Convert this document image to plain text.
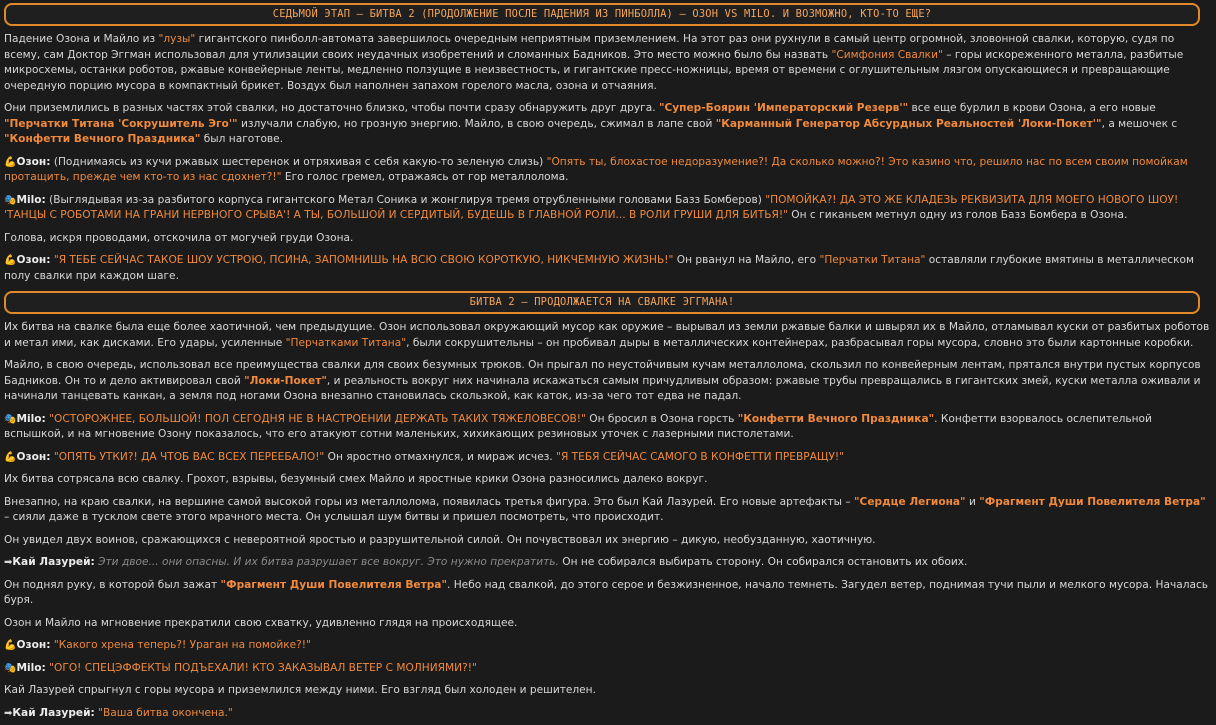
СЕДЬМОЙ ЭТАП – БИТВА 2 (ПРОДОЛЖЕНИЕ ПОСЛЕ ПАДЕНИЯ ИЗ ПИНБОЛЛА) – ОЗОН VS MILO. И ВОЗМОЖНО, КТО-ТО ЕЩЕ?

Падение Озона и Майло из "лузы" гигантского пинболл-автомата завершилось очередным неприятным приземлением. На этот раз они рухнули в самый центр огромной, зловонной свалки, которую, судя по всему, сам Доктор Эггман использовал для утилизации своих неудачных изобретений и сломанных Бадников. Это место можно было бы назвать "Симфония Свалки" – горы искореженного металла, разбитые микросхемы, останки роботов, ржавые конвейерные ленты, медленно ползущие в неизвестность, и гигантские пресс-ножницы, время от времени с оглушительным лязгом опускающиеся и превращающие очередную порцию мусора в компактный брикет. Воздух был наполнен запахом горелого масла, озона и отчаяния.

Они приземлились в разных частях этой свалки, но достаточно близко, чтобы почти сразу обнаружить друг друга. "Супер-Боярин 'Императорский Резерв'" все еще бурлил в крови Озона, а его новые "Перчатки Титана 'Сокрушитель Эго'" излучали слабую, но грозную энергию. Майло, в свою очередь, сжимал в лапе свой "Карманный Генератор Абсурдных Реальностей 'Локи-Покет'", а мешочек с "Конфетти Вечного Праздника" был наготове.

💪Озон: (Поднимаясь из кучи ржавых шестеренок и отряхивая с себя какую-то зеленую слизь) "Опять ты, блохастое недоразумение?! Да сколько можно?! Это казино что, решило нас по всем своим помойкам протащить, прежде чем кто-то из нас сдохнет?!" Его голос гремел, отражаясь от гор металлолома.

🎭Milo: (Выглядывая из-за разбитого корпуса гигантского Метал Соника и жонглируя тремя отрубленными головами Базз Бомберов) "ПОМОЙКА?! ДА ЭТО ЖЕ КЛАДЕЗЬ РЕКВИЗИТА ДЛЯ МОЕГО НОВОГО ШОУ! 'ТАНЦЫ С РОБОТАМИ НА ГРАНИ НЕРВНОГО СРЫВА'! А ТЫ, БОЛЬШОЙ И СЕРДИТЫЙ, БУДЕШЬ В ГЛАВНОЙ РОЛИ... В РОЛИ ГРУШИ ДЛЯ БИТЬЯ!" Он с гиканьем метнул одну из голов Базз Бомбера в Озона.

Голова, искря проводами, отскочила от могучей груди Озона.

💪Озон: "Я ТЕБЕ СЕЙЧАС ТАКОЕ ШОУ УСТРОЮ, ПСИНА, ЗАПОМНИШЬ НА ВСЮ СВОЮ КОРОТКУЮ, НИКЧЕМНУЮ ЖИЗНЬ!" Он рванул на Майло, его "Перчатки Титана" оставляли глубокие вмятины в металлическом полу свалки при каждом шаге.

БИТВА 2 – ПРОДОЛЖАЕТСЯ НА СВАЛКЕ ЭГГМАНА!

Их битва на свалке была еще более хаотичной, чем предыдущие. Озон использовал окружающий мусор как оружие – вырывал из земли ржавые балки и швырял их в Майло, отламывал куски от разбитых роботов и метал ими, как дисками. Его удары, усиленные "Перчатками Титана", были сокрушительны – он пробивал дыры в металлических контейнерах, разбрасывал горы мусора, словно это были картонные коробки.

Майло, в свою очередь, использовал все преимущества свалки для своих безумных трюков. Он прыгал по неустойчивым кучам металлолома, скользил по конвейерным лентам, прятался внутри пустых корпусов Бадников. Он то и дело активировал свой "Локи-Покет", и реальность вокруг них начинала искажаться самым причудливым образом: ржавые трубы превращались в гигантских змей, куски металла оживали и начинали танцевать канкан, а земля под ногами Озона внезапно становилась скользкой, как каток, из-за чего тот едва не падал.

🎭Milo: "ОСТОРОЖНЕЕ, БОЛЬШОЙ! ПОЛ СЕГОДНЯ НЕ В НАСТРОЕНИИ ДЕРЖАТЬ ТАКИХ ТЯЖЕЛОВЕСОВ!" Он бросил в Озона горсть "Конфетти Вечного Праздника". Конфетти взорвалось ослепительной вспышкой, и на мгновение Озону показалось, что его атакуют сотни маленьких, хихикающих резиновых уточек с лазерными пистолетами.

💪Озон: "ОПЯТЬ УТКИ?! ДА ЧТОБ ВАС ВСЕХ ПЕРЕЕБАЛО!" Он яростно отмахнулся, и мираж исчез. "Я ТЕБЯ СЕЙЧАС САМОГО В КОНФЕТТИ ПРЕВРАЩУ!"

Их битва сотрясала всю свалку. Грохот, взрывы, безумный смех Майло и яростные крики Озона разносились далеко вокруг.

Внезапно, на краю свалки, на вершине самой высокой горы из металлолома, появилась третья фигура. Это был Кай Лазурей. Его новые артефакты – "Сердце Легиона" и "Фрагмент Души Повелителя Ветра" – сияли даже в тусклом свете этого мрачного места. Он услышал шум битвы и пришел посмотреть, что происходит.

Он увидел двух воинов, сражающихся с невероятной яростью и разрушительной силой. Он почувствовал их энергию – дикую, необузданную, хаотичную.

➡Кай Лазурей: Эти двое... они опасны. И их битва разрушает все вокруг. Это нужно прекратить. Он не собирался выбирать сторону. Он собирался остановить их обоих.

Он поднял руку, в которой был зажат "Фрагмент Души Повелителя Ветра". Небо над свалкой, до этого серое и безжизненное, начало темнеть. Загудел ветер, поднимая тучи пыли и мелкого мусора. Началась буря.

Озон и Майло на мгновение прекратили свою схватку, удивленно глядя на происходящее.

💪Озон: "Какого хрена теперь?! Ураган на помойке?!"

🎭Milo: "ОГО! СПЕЦЭФФЕКТЫ ПОДЪЕХАЛИ! КТО ЗАКАЗЫВАЛ ВЕТЕР С МОЛНИЯМИ?!"

Кай Лазурей спрыгнул с горы мусора и приземлился между ними. Его взгляд был холоден и решителен.

➡Кай Лазурей: "Ваша битва окончена."
